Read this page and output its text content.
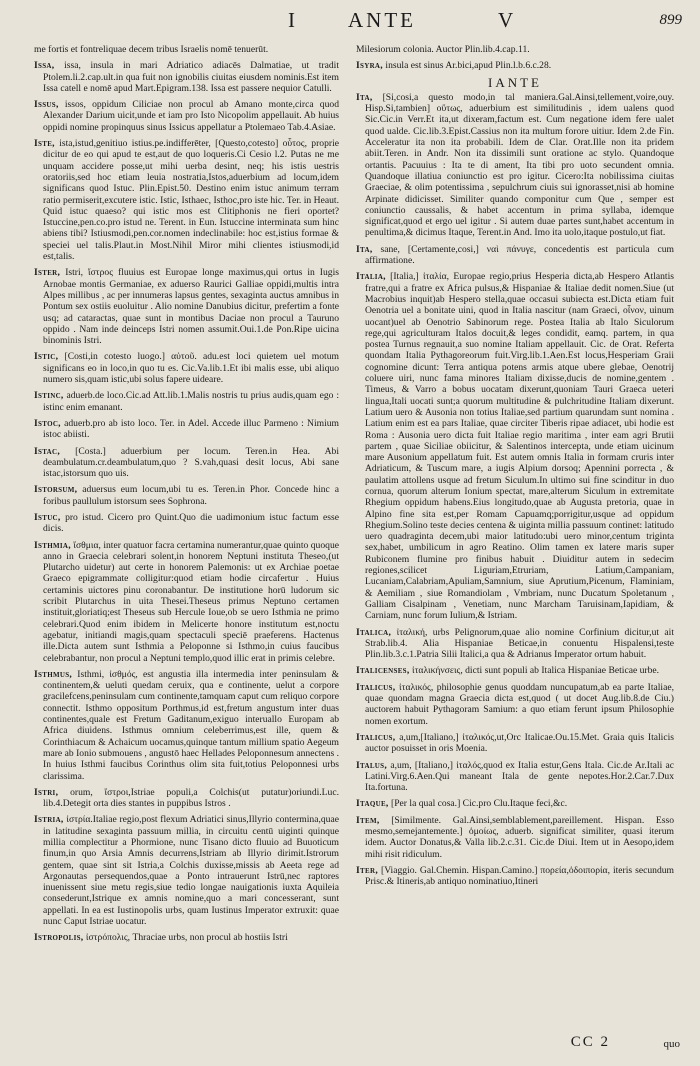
I ANTE	V	899

me fortis et fontreliquae decem tribus Israelis nomē tenuerūt.

Issa, issa, insula in mari Adriatico adiacēs Dalmatiae, ut tradit Ptolem.li.2.cap.ult.in qua fuit non ignobilis ciuitas eiusdem nominis.Est item Issa catell e nomē apud Mart.Epigram.138. Issa est passere nequior Catulli.

Issus, issos, oppidum Ciliciae non procul ab Amano monte,circa quod Alexander Darium uicit,unde et iam pro Isto Nicopolim appellauit. Ab huius oppidi nomine propinquus sinus Issicus appellatur a Ptolemaeo Tab.4.Asiae.

Iste, ista,istud,genitiuo istius.pe.indifferēter, [Questo,cotesto] οὗτος, proprie dicitur de eo qui apud te est,aut de quo loqueris.Ci Cesio l.2. Putas ne me unquam accidere posse,ut mihi uerba desint, neq; his istis uestris oratoriis,sed hoc etiam leuia nostratia,Istos,aduerbium ad locum,idem significans quod Istuc. Plin.Epist.50. Destino enim istuc animum terram ratio permiserit,excutere istic. Istic, Isthaec, Isthoc,pro iste hic. Ter. in Heaut. Quid istuc quaeso? qui istic mos est Clitiphonis ne fieri oportet? Istuccine,pen.co.pro istud ne. Terent. in Eun. Istuccine interminata sum hinc abiens tibi? Istiusmodi,pen.cor.nomen indeclinabile: hoc est,istius formae & speciei uel talis.Plaut.in Most.Nihil Miror mihi clientes istiusmodi,id est,talis.

Ister, Istri, ἴστρος fluuius est Europae longe maximus,qui ortus in Iugis Arnobae montis Germaniae, ex aduerso Raurici Galliae oppidi,multis intra Alpes millibus , ac per innumeras lapsus gentes, sexaginta auctus amnibus in Pontum sex ostiis euoluitur . Alio nomine Danubius dicitur, prefertim a fonte usq; ad cataractas, quae sunt in montibus Daciae non procul a Tauruno oppido . Nam inde deinceps Istri nomen assumit.Oui.1.de Pon.Ripe uicina binominis Istri.

Istic, [Costi,in cotesto luogo.] αὐτοῦ. adu.est loci quietem uel motum significans eo in loco,in quo tu es. Cic.Va.lib.1.Et ibi malis esse, ubi aliquo numero sis,quam istic,ubi solus fapere uideare.

Istinc, aduerb.de loco.Cic.ad Att.lib.1.Malis nostris tu prius audis,quam ego : istinc enim emanant.

Istoc, aduerb.pro ab isto loco. Ter. in Adel. Accede illuc Parmeno : Nimium istoc abiisti.

Istac, [Costa.] aduerbium per locum. Teren.in Hea. Abi deambulatum.cr.deambulatum,quo ? S.vah,quasi desit locus, Abi sane istac,istorsum quo uis.

Istorsum, aduersus eum locum,ubi tu es. Teren.in Phor. Concede hinc a foribus paullulum istorsum sees Sophrona.

Istuc, pro istud. Cicero pro Quint.Quo die uadimonium istuc factum esse dicis.

Isthmia, ἴσθμια, inter quatuor facra certamina numerantur,quae quinto quoque anno in Graecia celebrari solent,in honorem Neptuni instituta Theseo,(ut Plutarcho uidetur) aut certe in honorem Palemonis: ut ex Archiae poetae Graeco epigrammate colligitur:quod etiam hodie circafertur . Huius certaminis uictores pinu coronabantur. De institutione horū ludorum sic scribit Plutarchus in uita Thesei.Theseus primus Neptuno certamen instituit,gloriatiq;est Theseus sub Hercule Ioue,ob se uero Isthmia ne primo celebrari.Quod enim ibidem in Melicerte honore institutum est,noctu agebatur, initiandi magis,quam spectaculi speciē praeferens. Hactenus ille.Dicta autem sunt Isthmia a Peloponne si Isthmo,in cuius faucibus celebrabantur, non procul a Neptuni templo,quod illic erat in primis celebre.

Isthmus, Isthmi, ἰσθμός, est angustia illa intermedia inter peninsulam & continentem,& ueluti quedam ceruix, qua e continente, uelut a corpore gracilefcens,peninsulam cum continente,tamquam caput cum reliquo corpore connectit. Isthmo oppositum Porthmus,id est,fretum angustum inter duas continentes,quale est Fretum Gaditanum,exiguo interuallo Europam ab Africa diuidens. Isthmus omnium celeberrimus,est ille, quem & Corinthiacum & Achaicum uocamus,quinque tantum millium spatio Aegeum mare ab Ionio submouens , angustō haec Hellades Peloponnesum annectens . In huius Isthmi faucibus Corinthus olim sita fuit,totius Peloponnesi urbs clarissima.

Istri, orum, ἴστροι,Istriae populi,a Colchis(ut putatur)oriundi.Luc. lib.4.Detegit orta dies stantes in puppibus Istros .

Istria, ἰστρία.Italiae regio,post flexum Adriatici sinus,Illyrio contermina,quae in latitudine sexaginta passuum millia, in circuitu centū uiginti quinque millia complectitur a Phormione, nunc Tisano dicto fluuio ad Buuoticum finum,in quo Arsia Amnis decurrens,Istriam ab Illyrio dirimit.Istrorum gentem, quae sint sit Istria,a Colchis duxisse,missis ab Aeeta rege ad Argonautas persequendos,quae a Ponto intrauerunt Istrū,nec raptores inuenissent siue metu regis,siue tedio longae nauigationis iuxta Aquileia consederunt,Istrique ex amnis nomine,quo a mari concesserant, sunt appellati. In ea est Iustinopolis urbs, quam Iustinus Imperator extruxit: quae nunc Caput Istriae uocatur.

Istropolis, ἰστρόπολις, Thraciae urbs, non procul ab hostiis Istri

Milesiorum colonia. Auctor Plin.lib.4.cap.11.

Isyra, insula est sinus Ar.bici,apud Plin.l.b.6.c.28.

IANTE

Ita, [Si,cosi,a questo modo,in tal maniera.Gal.Ainsi,tellement,voire,ouy. Hisp.Si,tambien] οὕτως, aduerbium est similitudinis , idem ualens quod Sic.Cic.in Verr.Et ita,ut dixeram,factum est. Cum negatione idem fere ualet quod ualde. Cic.lib.3.Epist.Cassius non ita multum forore uitiur. Idem 2.de Fin. Acceleratur ita non ita probabili. Idem de Clar. Orat.Ille non ita pridem abiit.Teren. in Andr. Non ita dissimili sunt oratione ac stylo. Quandoque ortantis. Pacuuius : Ita te di ament, Ita tibi pro uoto secundent omnia. Quandoque illatiua coniunctio est pro igitur. Cicero:Ita nobilissima ciuitas Graeciae, & olim potentissima , sepulchrum ciuis sui ignorasset,nisi ab homine Arpinate didicisset. Similiter quando componitur cum Que , semper est coniunctio caussalis, & habet accentum in prima syllaba, idemque significat,quod et ergo uel igitur . Si autem duae partes sunt,habet accentum in penultima,& dicimus Itaque, Terent.in And. Imo ita uolo,itaque postulo,ut fiat.

Ita, sane, [Certamente,cosi,] ναὶ πάνυγε, concedentis est particula cum affirmatione.

Italia, [Italia,] ἰταλία, Europae regio,prius Hesperia dicta,ab Hespero Atlantis fratre,qui a fratre ex Africa pulsus,& Hispaniae & Italiae dedit nomen.Siue (ut Macrobius inquit)ab Hespero stella,quae occasui subiecta est.Dicta etiam fuit Oenotria uel a bonitate uini, quod in Italia nascitur (nam Graeci, οἶνον, uinum uocant)uel ab Oenotrio Sabinorum rege. Postea Italia ab Italo Siculorum rege,qui agriculturam Italos docuit,& leges condidit, eamq. partem, in qua postea Turnus regnauit,a suo nomine Italiam appellauit. Cic. de Orat. Referta quondam Italia Pythagoreorum fuit.Virg.lib.1.Aen.Est locus,Hesperiam Graii cognomine dicunt: Terra antiqua potens armis atque ubere glebae, Oenotrij coluere uiri, nunc fama minores Italiam dixisse,ducis de nomine,gentem . Timeus, & Varro a bobus uocatam dixerunt,quoniam Tauri Graeca ueteri lingua,Itali uocati sunt;a quorum multitudine & pulchritudine Italiam dixerunt. Latium uero & Ausonia non totius Italiae,sed partium quarundam sunt nomina . Latium enim est ea pars Italiae, quae circiter Tiberis ripae adiacet, ubi hodie est Roma : Ausonia uero dicta fuit Italiae regio maritima , inter eam agri Brutii partem , quae Siciliae obiicitur, & Salentinos intercepta, unde etiam uicinum mare Ausonium appellatum fuit. Est autem omnis Italia in formam cruris inter Adriaticum, & Tuscum mare, a iugis Alpium dorsoq; Apennini porrecta , & paulatim attollens usque ad fretum Siculum.In ultimo sui fine scinditur in duo cornua, quorum alterum Ionium spectat, mare,alterum Siculum in extremitate Rhegium oppidum habens.Eius longitudo,quae ab Augusta pretoria, quae in Alpino fine sita est,per Romam Capuamq;porrigitur,usque ad oppidum Rhegium.Solino teste decies centena & uiginta millia passuum continet: latitudo uero quadraginta decem,ubi maior latitudo:ubi uero minor,centum triginta sex,habet, umbilicum in agro Reatino. Olim tamen ex latere maris super Rubiconem flumine pro finibus habuit . Diuiditur autem in sedecim regiones,scilicet Liguriam,Etruriam, Latium,Campaniam, Lucaniam,Calabriam,Apuliam,Samnium, siue Aprutium,Picenum, Flaminiam, & Aemiliam , siue Romandiolam , Vmbriam, nunc Ducatum Spoletanum , Galliam Cisalpinam , Venetiam, nunc Marcham Taruisinam,Iapidiam, & Carniam, nunc forum Iulium,& Istriam.

Italica, ἰταλική, urbs Pelignorum,quae alio nomine Corfinium dicitur,ut ait Strab.lib.4. Alia Hispaniae Beticae,in conuentu Hispalensi,teste Plin.lib.3.c.1.Patria Silii Italici,a qua & Adrianus Imperator ortum habuit.

Italicenses, ἰταλικήνσεις, dicti sunt populi ab Italica Hispaniae Beticae urbe.

Italicus, ἰταλικός, philosophie genus quoddam nuncupatum,ab ea parte Italiae, quae quondam magna Graecia dicta est,quod ( ut docet Aug.lib.8.de Ciu.) auctorem habuit Pythagoram Samium: a quo etiam ferunt ipsum Philosophie nomen exortum.

Italicus, a,um,[Italiano,] ἰταλικός,ut,Orc Italicae.Ou.15.Met. Graia quis Italicis auctor posuisset in oris Moenia.

Italus, a,um, [Italiano,] ἰταλός,quod ex Italia estur,Gens Itala. Cic.de Ar.Itali ac Latini.Virg.6.Aen.Qui maneant Itala de gente nepotes.Hor.2.Car.7.Dux Ita.fortuna.

Itaque, [Per la qual cosa.] Cic.pro Clu.Itaque feci,&c.

Item, [Similmente. Gal.Ainsi,semblablement,pareillement. Hispan. Esso mesmo,semejantemente.] ὁμοίως, aduerb. significat similiter, quasi iterum idem. Auctor Donatus,& Valla lib.2.c.31. Cic.de Diui. Item ut in Aesopo,idem mihi risit ridiculum.

Iter, [Viaggio. Gal.Chemin. Hispan.Camino.] πορεία,ὁδοιπορία, iteris secundum Prisc.& Itineris,ab antiquo nominatiuo,Itineri

CC 2	quo
